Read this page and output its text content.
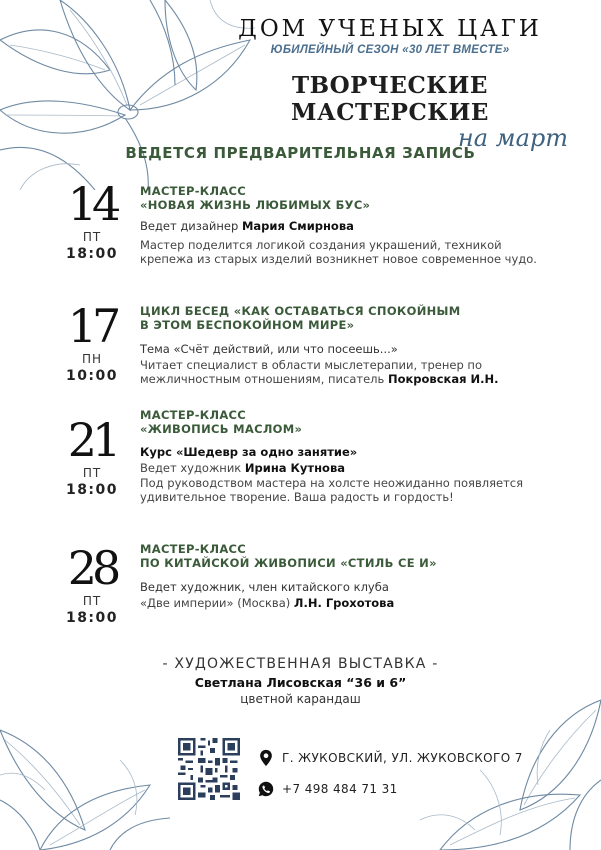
ДОМ УЧЕНЫХ ЦАГИ
ЮБИЛЕЙНЫЙ СЕЗОН «30 ЛЕТ ВМЕСТЕ»
ТВОРЧЕСКИЕ МАСТЕРСКИЕ
на март
ВЕДЕТСЯ ПРЕДВАРИТЕЛЬНАЯ ЗАПИСЬ
14
ПТ
18:00
МАСТЕР-КЛАСС
«НОВАЯ ЖИЗНЬ ЛЮБИМЫХ БУС»
Ведет дизайнер Мария Смирнова
Мастер поделится логикой создания украшений, техникой крепежа из старых изделий возникнет новое современное чудо.
17
ПН
10:00
ЦИКЛ БЕСЕД «КАК ОСТАВАТЬСЯ СПОКОЙНЫМ
В ЭТОМ БЕСПОКОЙНОМ МИРЕ»
Тема «Счёт действий, или что посеешь...»
Читает специалист в области мыслетерапии, тренер по межличностным отношениям, писатель Покровская И.Н.
21
ПТ
18:00
МАСТЕР-КЛАСС
«ЖИВОПИСЬ МАСЛОМ»
Курс «Шедевр за одно занятие»
Ведет художник Ирина Кутнова
Под руководством мастера на холсте неожиданно появляется удивительное творение. Ваша радость и гордость!
28
ПТ
18:00
МАСТЕР-КЛАСС
ПО КИТАЙСКОЙ ЖИВОПИСИ «СТИЛЬ СЕ И»
Ведет художник, член китайского клуба
«Две империи» (Москва) Л.Н. Грохотова
- ХУДОЖЕСТВЕННАЯ ВЫСТАВКА -
Светлана Лисовская “36 и 6”
цветной карандаш
Г. ЖУКОВСКИЙ, УЛ. ЖУКОВСКОГО 7
+7 498 484 71 31
